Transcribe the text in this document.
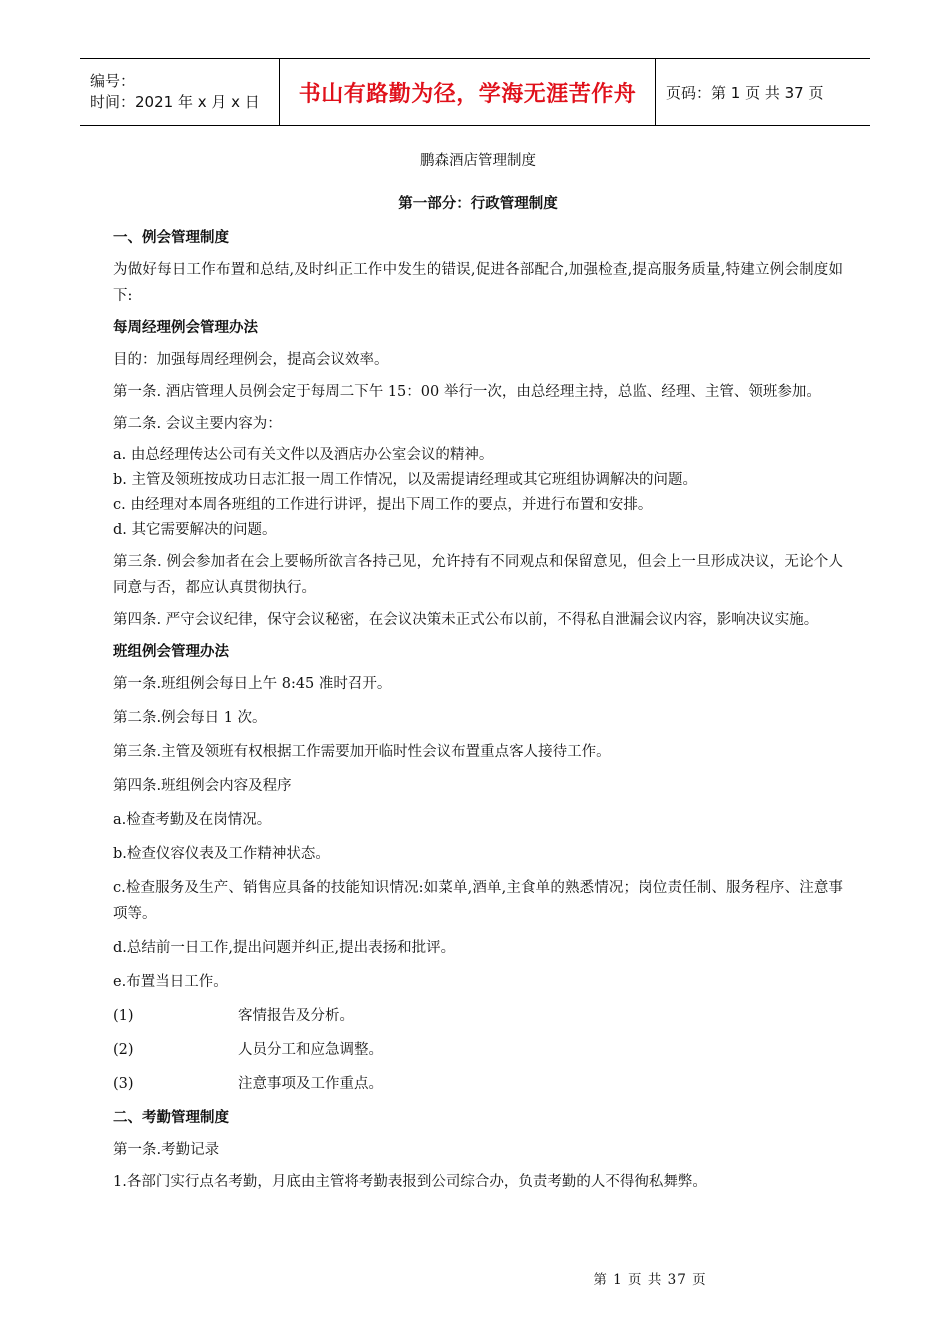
编号：
时间：2021 年 x 月 x 日	书山有路勤为径，学海无涯苦作舟 页码：第 1 页 共 37 页
鹏森酒店管理制度
第一部分：行政管理制度
一、例会管理制度
为做好每日工作布置和总结,及时纠正工作中发生的错误,促进各部配合,加强检查,提高服务质量,特建立例会制度如下:
每周经理例会管理办法
目的：加强每周经理例会，提高会议效率。
第一条. 酒店管理人员例会定于每周二下午 15：00 举行一次，由总经理主持，总监、经理、主管、领班参加。
第二条. 会议主要内容为：
a. 由总经理传达公司有关文件以及酒店办公室会议的精神。
b. 主管及领班按成功日志汇报一周工作情况，以及需提请经理或其它班组协调解决的问题。
c. 由经理对本周各班组的工作进行讲评，提出下周工作的要点，并进行布置和安排。
d. 其它需要解决的问题。
第三条. 例会参加者在会上要畅所欲言各持己见，允许持有不同观点和保留意见，但会上一旦形成决议，无论个人同意与否，都应认真贯彻执行。
第四条. 严守会议纪律，保守会议秘密，在会议决策未正式公布以前，不得私自泄漏会议内容，影响决议实施。
班组例会管理办法
第一条.班组例会每日上午 8:45 准时召开。
第二条.例会每日 1 次。
第三条.主管及领班有权根据工作需要加开临时性会议布置重点客人接待工作。
第四条.班组例会内容及程序
a.检查考勤及在岗情况。
b.检查仪容仪表及工作精神状态。
c.检查服务及生产、销售应具备的技能知识情况:如菜单,酒单,主食单的熟悉情况；岗位责任制、服务程序、注意事项等。
d.总结前一日工作,提出问题并纠正,提出表扬和批评。
e.布置当日工作。
(1)	客情报告及分析。
(2)	人员分工和应急调整。
(3)	注意事项及工作重点。
二、考勤管理制度
第一条.考勤记录
1.各部门实行点名考勤，月底由主管将考勤表报到公司综合办，负责考勤的人不得徇私舞弊。
第 1 页 共 37 页
